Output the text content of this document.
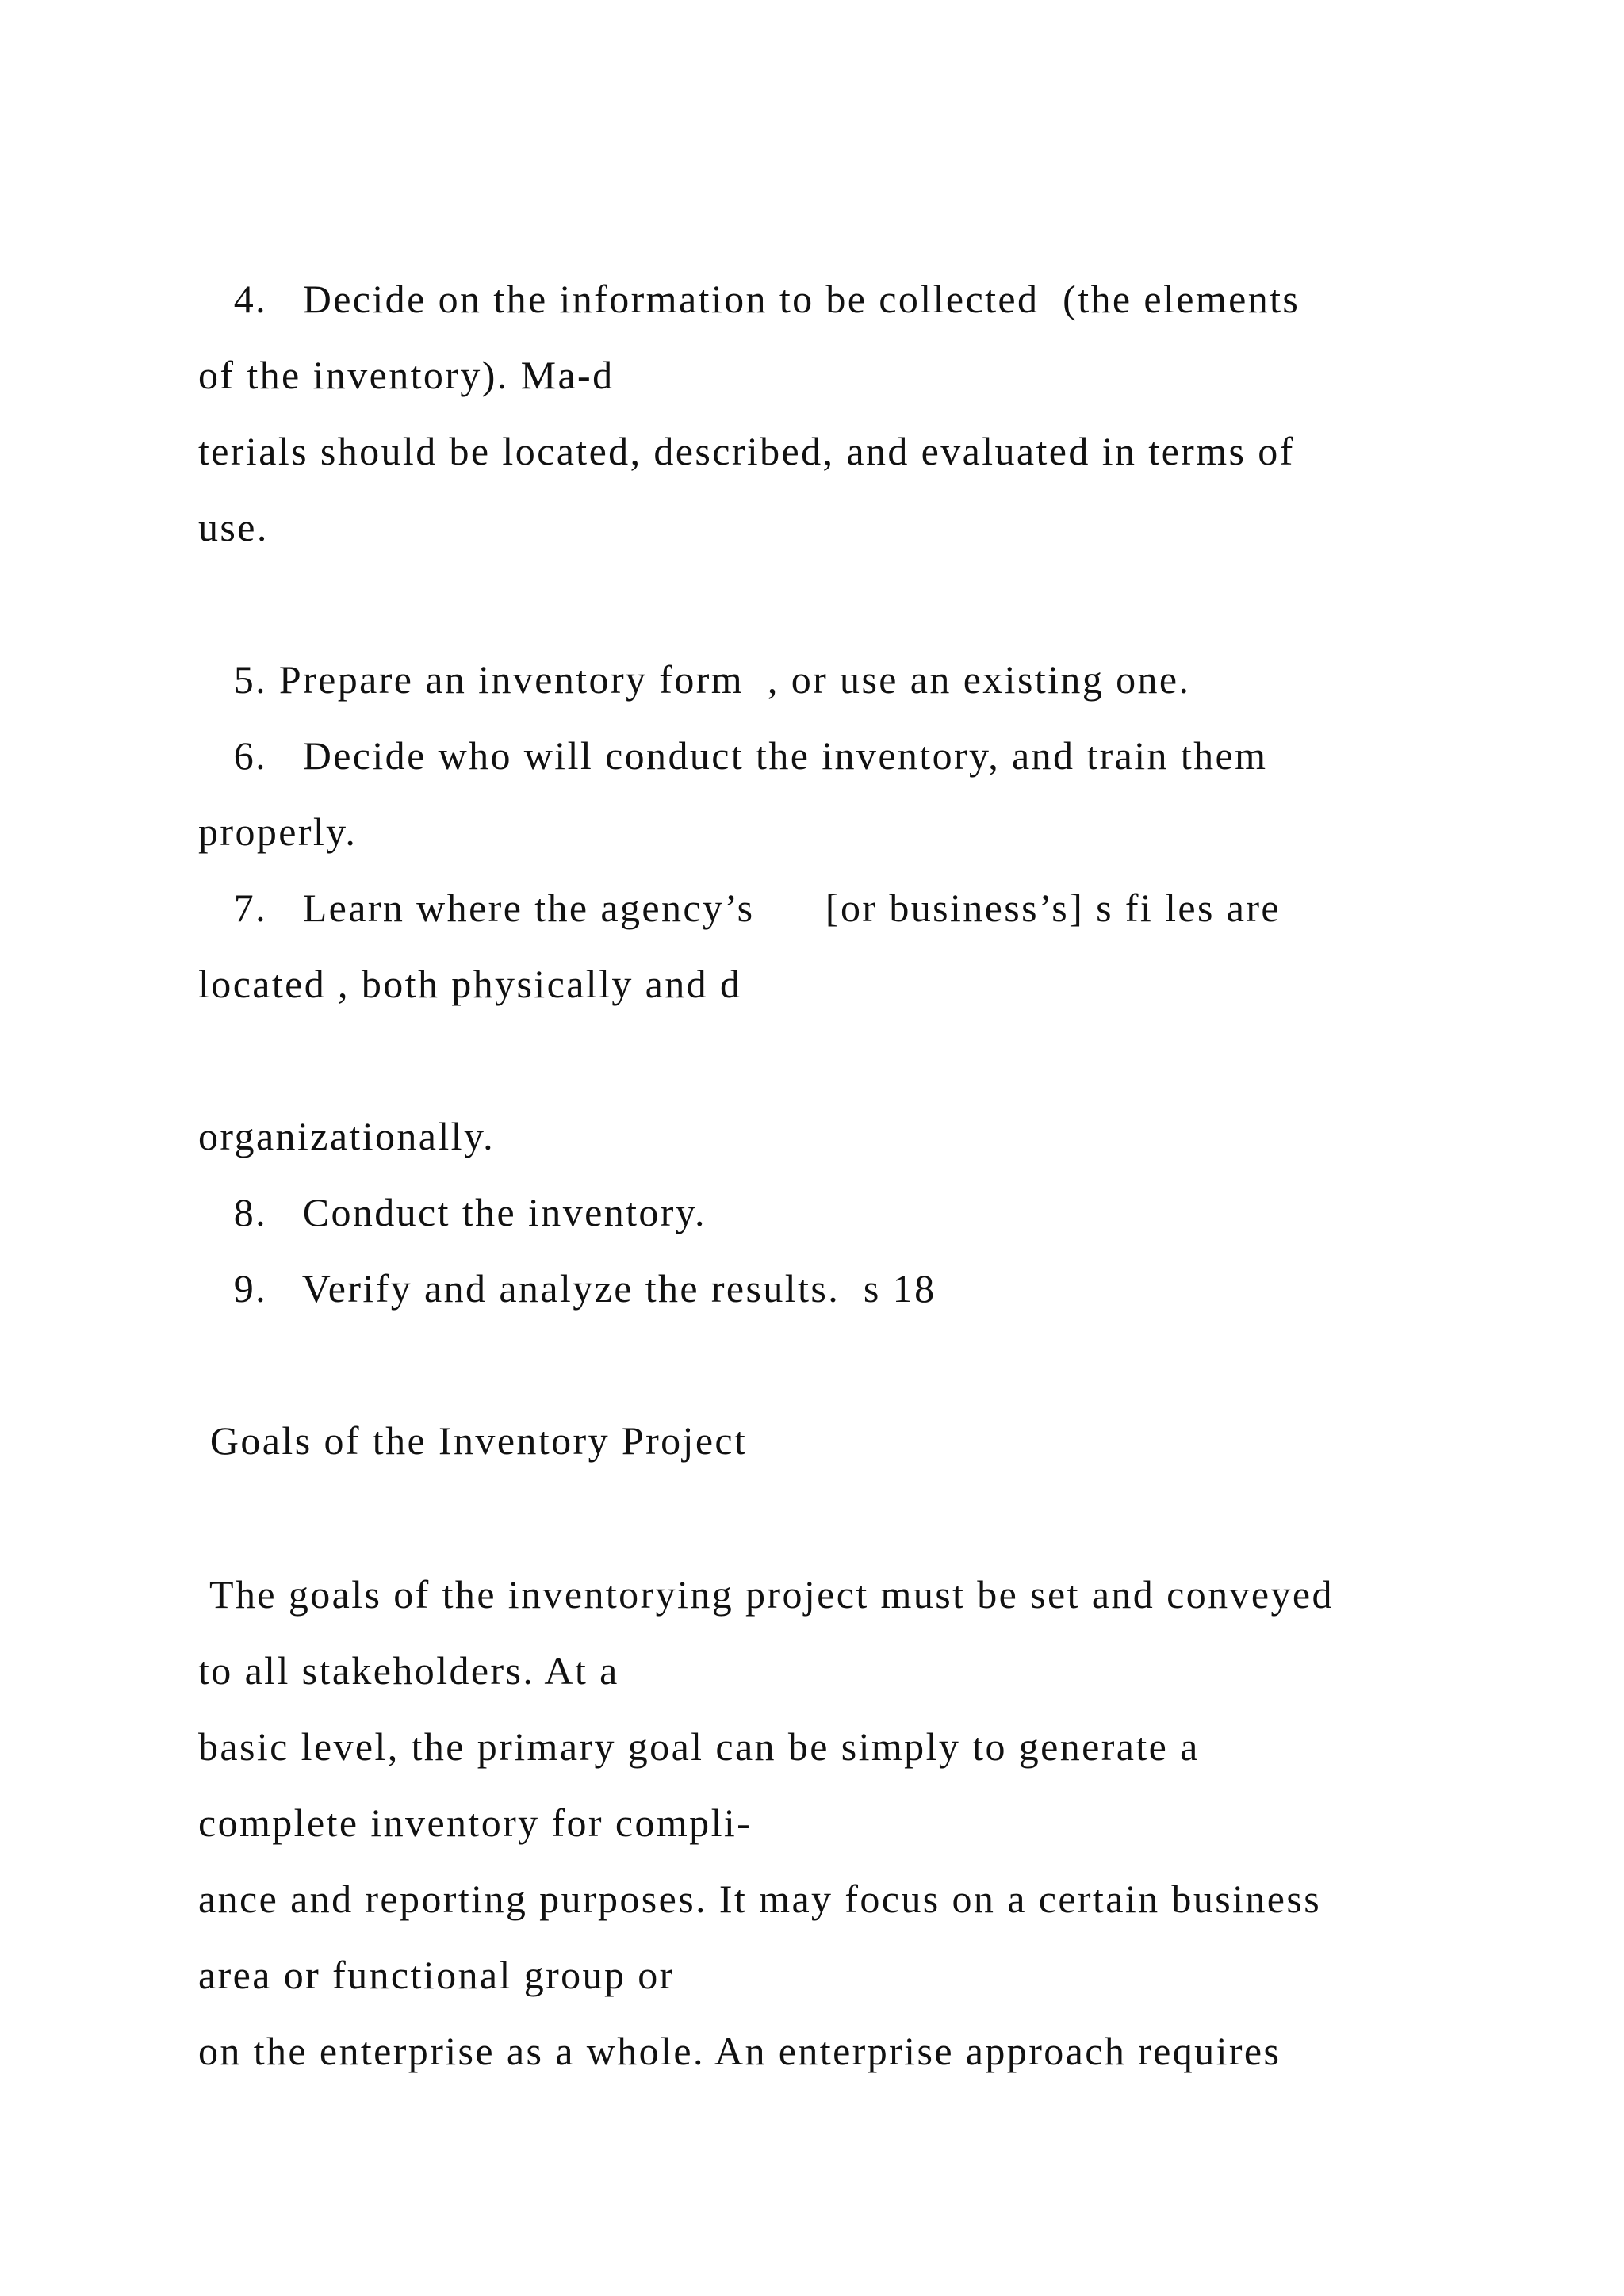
4.   Decide on the information to be collected  (the elements
of the inventory). Ma-d
terials should be located, described, and evaluated in terms of
use.
5. Prepare an inventory form  , or use an existing one.
6.   Decide who will conduct the inventory, and train them
properly.
7.   Learn where the agency’s      [or business’s] s fi les are
located , both physically and d
organizationally.
8.   Conduct the inventory.
9.   Verify and analyze the results.  s 18
Goals of the Inventory Project
The goals of the inventorying project must be set and conveyed
to all stakeholders. At a
basic level, the primary goal can be simply to generate a
complete inventory for compli-
ance and reporting purposes. It may focus on a certain business
area or functional group or
on the enterprise as a whole. An enterprise approach requires
